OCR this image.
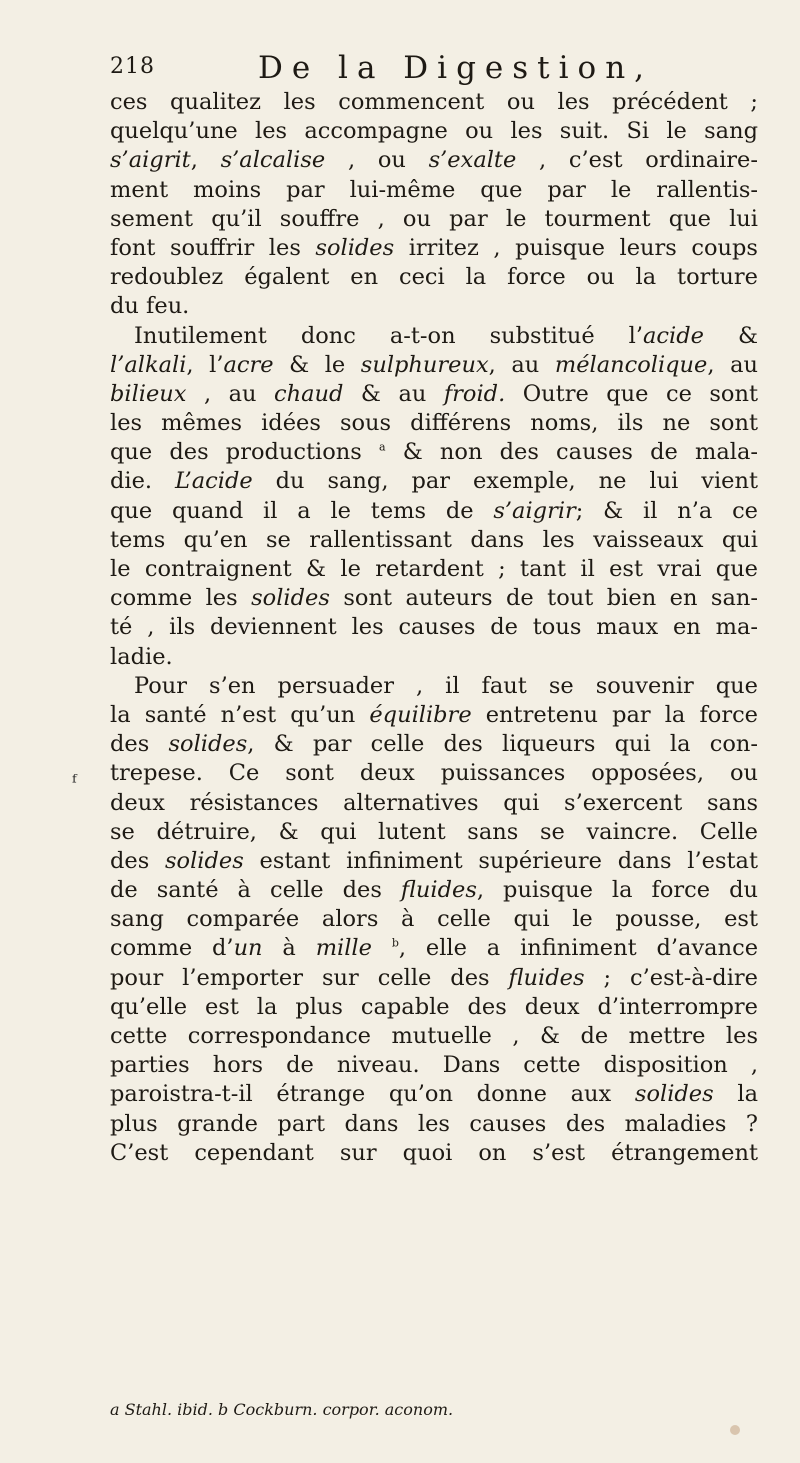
218	De la Digestion,
ᶠ
ces qualitez les commencent ou les précédent ;
quelqu’une les accompagne ou les suit. Si le sang
s’aigrit, s’alcalise , ou s’exalte , c’est ordinaire-
ment moins par lui-même que par le rallentis-
sement qu’il souffre , ou par le tourment que lui
font souffrir les solides irritez , puisque leurs coups
redoublez égalent en ceci la force ou la torture
du feu.
Inutilement donc a-t-on substitué l’acide &
l’alkali, l’acre & le sulphureux, au mélancolique, au
bilieux , au chaud & au froid. Outre que ce sont
les mêmes idées sous différens noms, ils ne sont
que des productions $^a$ & non des causes de mala-
die. L’acide du sang, par exemple, ne lui vient
que quand il a le tems de s’aigrir; & il n’a ce
tems qu’en se rallentissant dans les vaisseaux qui
le contraignent & le retardent ; tant il est vrai que
comme les solides sont auteurs de tout bien en san-
té , ils deviennent les causes de tous maux en ma-
ladie.
Pour s’en persuader , il faut se souvenir que
la santé n’est qu’un équilibre entretenu par la force
des solides, & par celle des liqueurs qui la con-
trepese. Ce sont deux puissances opposées, ou
deux résistances alternatives qui s’exercent sans
se détruire, & qui lutent sans se vaincre. Celle
des solides estant infiniment supérieure dans l’estat
de santé à celle des fluides, puisque la force du
sang comparée alors à celle qui le pousse, est
comme d’un à mille $^b$, elle a infiniment d’avance
pour l’emporter sur celle des fluides ; c’est-à-dire
qu’elle est la plus capable des deux d’interrompre
cette correspondance mutuelle , & de mettre les
parties hors de niveau. Dans cette disposition ,
paroistra-t-il étrange qu’on donne aux solides la
plus grande part dans les causes des maladies ?
C’est cependant sur quoi on s’est étrangement
a Stahl. ibid. b Cockburn. corpor. aconom.
